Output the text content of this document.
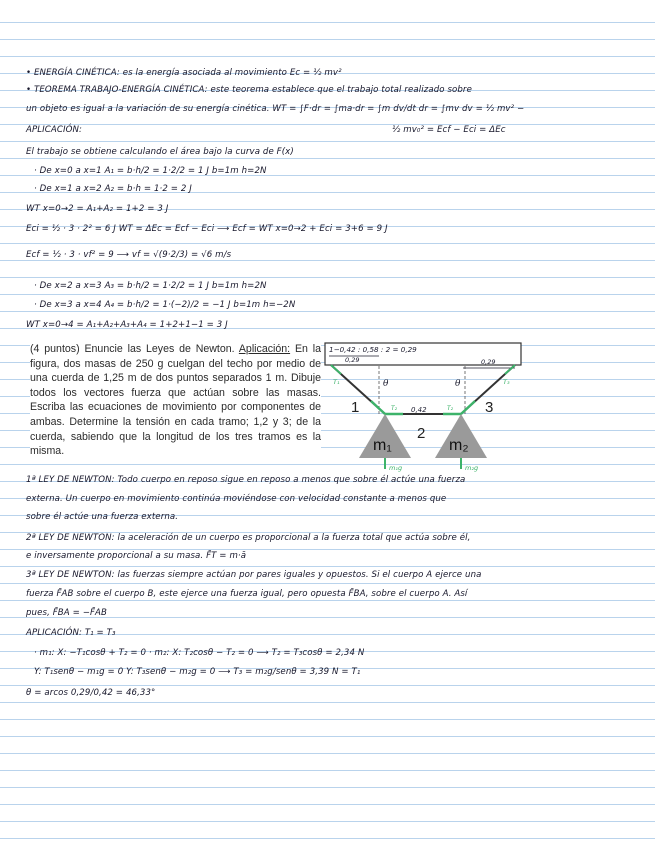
• ENERGÍA CINÉTICA: es la energía asociada al movimiento Ec = ½ mv²
• TEOREMA TRABAJO-ENERGÍA CINÉTICA: este teorema establece que el trabajo total realizado sobre
un objeto es igual a la variación de su energía cinética. WT = ∫F·dr = ∫ma·dr = ∫m dv/dt dr = ∫mv dv = ½ mv² −
APLICACIÓN:	½ mv₀² = Ecf − Eci = ΔEc
El trabajo se obtiene calculando el área bajo la curva de F(x)
· De x=0 a x=1 A₁ = b·h/2 = 1·2/2 = 1 J b=1m h=2N
· De x=1 a x=2 A₂ = b·h = 1·2 = 2 J
WT x=0→2 = A₁+A₂ = 1+2 = 3 J
Eci = ½ · 3 · 2² = 6 J WT = ΔEc = Ecf − Eci ⟶ Ecf = WT x=0→2 + Eci = 3+6 = 9 J
Ecf = ½ · 3 · vf² = 9 ⟶ vf = √(9·2/3) = √6 m/s
· De x=2 a x=3 A₃ = b·h/2 = 1·2/2 = 1 J b=1m h=2N
· De x=3 a x=4 A₄ = b·h/2 = 1·(−2)/2 = −1 J b=1m h=−2N
WT x=0→4 = A₁+A₂+A₃+A₄ = 1+2+1−1 = 3 J

(4 puntos) Enuncie las Leyes de Newton. Aplicación: En la figura, dos masas de 250 g cuelgan del techo por medio de una cuerda de 1,25 m de dos puntos separados 1 m. Dibuje todos los vectores fuerza que actúan sobre las masas. Escriba las ecuaciones de movimiento por componentes de ambas. Determine la tensión en cada tramo; 1,2 y 3; de la cuerda, sabiendo que la longitud de los tres tramos es la misma.

1−0,42 : 0,58 : 2 = 0,29
0,29	0,29
θ	θ
1
2
3
0,42
T₁
T₂	T₂
T₃
m₁	m₂
m₁g	m₂g
1ª LEY DE NEWTON: Todo cuerpo en reposo sigue en reposo a menos que sobre él actúe una fuerza
externa. Un cuerpo en movimiento continúa moviéndose con velocidad constante a menos que
sobre él actúe una fuerza externa.
2ª LEY DE NEWTON: la aceleración de un cuerpo es proporcional a la fuerza total que actúa sobre él,
e inversamente proporcional a su masa. F̄T = m·ā
3ª LEY DE NEWTON: las fuerzas siempre actúan por pares iguales y opuestos. Si el cuerpo A ejerce una
fuerza F̄AB sobre el cuerpo B, este ejerce una fuerza igual, pero opuesta F̄BA, sobre el cuerpo A. Así
pues, F̄BA = −F̄AB
APLICACIÓN: T₁ = T₃
· m₁: X: −T₁cosθ + T₂ = 0 · m₂: X: T₂cosθ − T₂ = 0 ⟶ T₂ = T₃cosθ = 2,34 N
Y: T₁senθ − m₁g = 0 Y: T₃senθ − m₂g = 0 ⟶ T₃ = m₂g/senθ = 3,39 N = T₁
θ = arcos 0,29/0,42 = 46,33°
